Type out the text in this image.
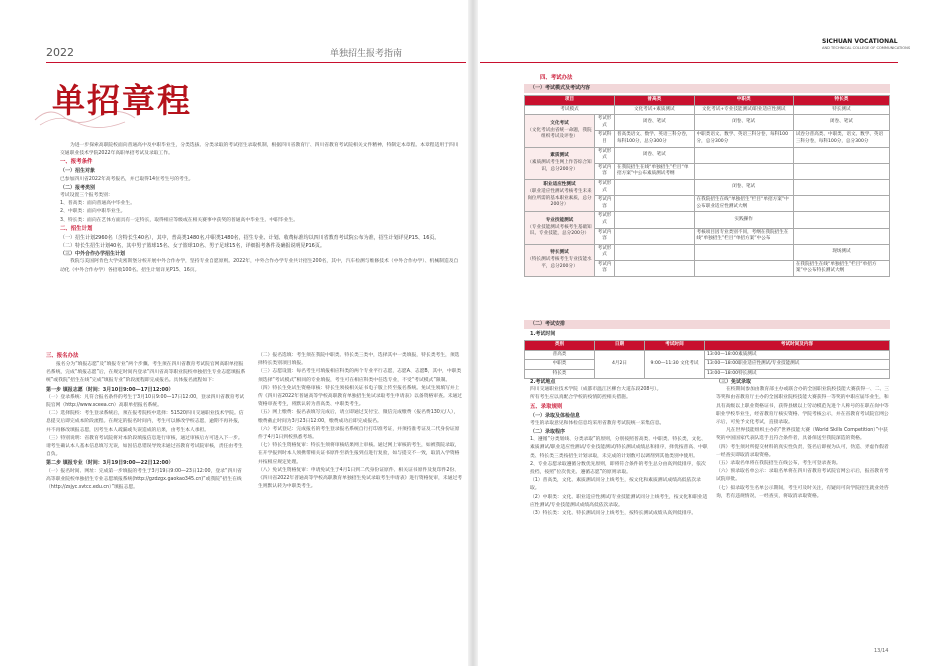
2022	单独招生报考指南
SICHUAN VOCATIONAL
AND TECHNICAL COLLEGE OF COMMUNICATIONS
单招章程
为进一步探索高职院校面向普通高中及中职毕业生，分类选拔、分类录取的考试招生录取机制，根据四川省教育厅、四川省教育考试院相关文件精神，特制定本章程。本章程适用于四川交通职业技术学院2022年高职单招考试及录取工作。
一、报考条件
（一）招生对象
已参加四川省2022年高考报名，并已取得14位考生号的考生。
（二）报考类别
考试设置三个报考类别：
1、普高类：面向普通高中毕业生。
2、中职类：面向中职毕业生。
3、特长类：面向在艺体方面具有一定特长，取得相应等级或在相关赛事中获奖的普通高中毕业生、中职毕业生。
二、招生计划
（一）招生计划2960名（含特长生40名），其中，普高类1480名,中职类1480名，招生专业、计划、收费标准均以四川省教育考试院公布为准，招生计划详见P15、16页。
（二）特长生招生计划40名，其中男子篮球15名、女子篮球10名、男子足球15名，详细报考条件及确报说明见P16页。
（三）中外合作办学招生计划
我院与美国阿肯色大学史密斯堡分校开展中外合作办学，坚持专业自愿原则。2022年，中外合作办学专业共计招生200名，其中，汽车检测与维修技术（中外合作办学）、机械制造及自动化（中外合作办学）各招收100名。招生计划详见P15、16页。
三、报名办法
报名分为“填报志愿”及“填报专业”两个步骤。考生须在四川省教育考试院官网高职单招报名系统，完成“填报志愿”后，在规定时间内登录“四川省高等职业院校单独招生专业志愿填报系统”或我院“招生在线”完成“填报专业”阶段流程即完成报名。具体报名流程如下：
第一步 填报志愿（时间：3月10日9:00—17日12:00）
（一）登录系统：凡符合报名条件的考生于3月10日9:00—17日12:00，登录四川省教育考试院官网（http://www.sceea.cn）高职单招报名系统。
（二）选择院校：考生登录系统后，须在报考院校中选择：51520四川交通职业技术学院。信息提交后即完成本阶段流程。在规定的报名时间内，考生可以修改学校志愿，逾期不再补报，并不再修改填报志愿，因考生本人疏漏或失误造成的后果，由考生本人承担。
（三）特别说明：省教育考试院将对本阶段填报信息进行审核，通过审核后方可进入下一步。请考生确认本人基本信息填写无误，如因信息错误导致未通过省教育考试院审核，责任由考生自负。
第二步 填报专业（时间：3月19日9:00—22日12:00）
（一）报名时间、网址：完成第一步填报的考生于3月19日9:00—23日12:00，登录“四川省高等职业院校单独招生专业志愿填报系统(http://gzdzgx.gaokao345.cn)”或我院“招生在线（http://zsjyc.svtcc.edu.cn）”填报志愿。
（二）报名选填：考生须在我院中职类、特长类三类中，选择其中一类填报，特长类考生，须选择特长类别项目填报。
（三）志愿设置：每名考生可填报相应科类的两个专业平行志愿，志愿A、志愿B，其中，中职类须选择“考试模式”相同的专业填报，考生可在相应科类中任选专业，不受“考试模式”限制。
（四）特长生免试生资格审核：特长生须按相关证书电子版上传至报名系统。免试生须填写并上传《四川省2022年普通高等学校高职教育单独招生免试录取考生申请表》以备资格审查。未通过资格审查考生，将默认转为普高类、中职类考生。
（五）网上缴费：报名表填写完成后，请立即通过支付宝、微信完成缴费（报名费130元/人），缴费截止时间为3月23日12:00，缴费成功后即完成报名。
（六）考试登记：完成报名的考生登录报名系统自行打印准考证，并须持准考证及二代身份证原件于4月1日到校熟悉考场。
（七）特长生资格复审：特长生须将审核结果网上审核。通过网上审核的考生，如被我院录取，在开学报到时本人须携带相关证书原件至新生报到点进行复验，如与提交不一致，取消入学资格并按相应规定处理。
（八）免试生资格复审：申请免试生于4月1日到二代身份证原件、相关证书原件及复印件2份、《四川省2022年普通高等学校高职教育单独招生免试录取考生申请表》进行资格复审，未通过考生则默认转为中职类考生。
四、考试办法
（一）考试模式及考试内容
项目		普高类	中职类	特长类
考试模式		文化考试+素质测试	文化考试+专业技能测试/职业适应性测试	特长测试
文化考试
（文化考试由省统一命题，我院组织考试及评卷）	考试形式	闭卷、笔试	闭卷、笔试	闭卷、笔试
	考试科目	普高类语文、数学、英语三科分卷，每科100分，总分300分	中职类语文、数学、英语三科分卷，每科100分，总分300分	试卷分普高类、中职类，语文、数学、英语三科分卷，每科100分，总分300分
素质测试
（素质测试考生网上作答综合知识，总分200分）	考试形式	闭卷、笔试		
	考试内容	在我院招生在线“单独招生”栏目“单招方案”中公布素质测试考纲		
职业适应性测试
（职业适应性测试考核考生未来岗位所需的基本职业素质，总分200分）	考试形式		闭卷、笔试	
	考试内容		在我院招生在线“单独招生”栏目“单招方案”中公布职业适应性测试大纲	
专业技能测试
（专业技能测试考核考生基础知识、专业技能，总分200分）	考试形式		实践操作	
	考试内容		考核项目因专业类别不同，考纲在我院招生在线“单独招生”栏目“单招方案”中公布	
特长测试
（特长测试考核考生专业技能水平，总分200分）	考试形式			现场测试
	考试内容			在我院招生在线“单独招生”栏目“单招方案”中公布特长测试大纲
（二）考试安排
1.考试时间
类别	日期	考试时间	考试时间及内容
普高类	4月2日	9:00—11:30 文化考试	13:00—18:00素质测试
中职类			13:00—18:00职业适应性测试/专业技能测试
特长类			13:00—18:00特长测试
2.考试地点
四川交通职业技术学院（成都市温江区柳台大道东段208号）。
所有考生应以真配合学校的疫情防控相关措施。
五、录取规则
（一）录取及体检信息
考生的录取意见和体检信息均采用省教育考试院统一采集信息。
（二）录取程序
1、遵循“分类划线、分类录取”的原则，分别按照普高类、中职类、特长类，文化、素质测试/职业适应性测试/专业技能测试/特长测试成绩总和排序，择优按普高、中职类、特长类三类按招生计划录取，未完成的计划数可以调剂到其他类别中使用。
2、专业志愿录取遵循分数优先原则，即将符合条件的考生总分由高到低排序，依次投档，按照“位次优先、遵循志愿”的原则录取。
（1）普高类，文化、素质测试同分上线考生，按文化和素质测试成绩高低依次录取。
（2）中职类：文化、职业适应性测试/专业技能测试同分上线考生，按文化和职业适应性测试/专业技能测试成绩高低依次录取。
（3）特长类：文化、特长测试同分上线考生，按特长测试成绩从高到低排序。
（三）免试录取
在校期间参加由教育部主办或联合办的全国职业院校技能大赛获得一、二、三等奖和由省教育厅主办的全国职业院校技能大赛获得一等奖的中职应届毕业生，和具有高级以上职业资格证书，获得县级以上劳动模范先进个人称号的在职在岗中等职业学校毕业生，经省教育厅核实资格、学院考核公示，并在省教育考试院官网公示后，可免予文化考试，直接录取。
凡在世界技能组织主办的“世界技能大赛（World Skills Competition）”中获奖的中国国家代表队选手且符合条件者，具备保送至我院深造的资格。
（四）考生须对所提交材料的真实性负责，签名后即视为认可，伪造、弄虚作假者一经查实即取消录取资格。
（五）录取名单将在我院招生在线公布，考生可登录查询。
（六）预录取名单公示：录取名单将在四川省教育考试院官网公示后，报省教育考试院审批。
（七）拟录取考生名单公示期间，考生可及时关注，有疑问可向学院招生就业处咨询，若有违规情况，一经查实，将取消录取资格。
13/14
